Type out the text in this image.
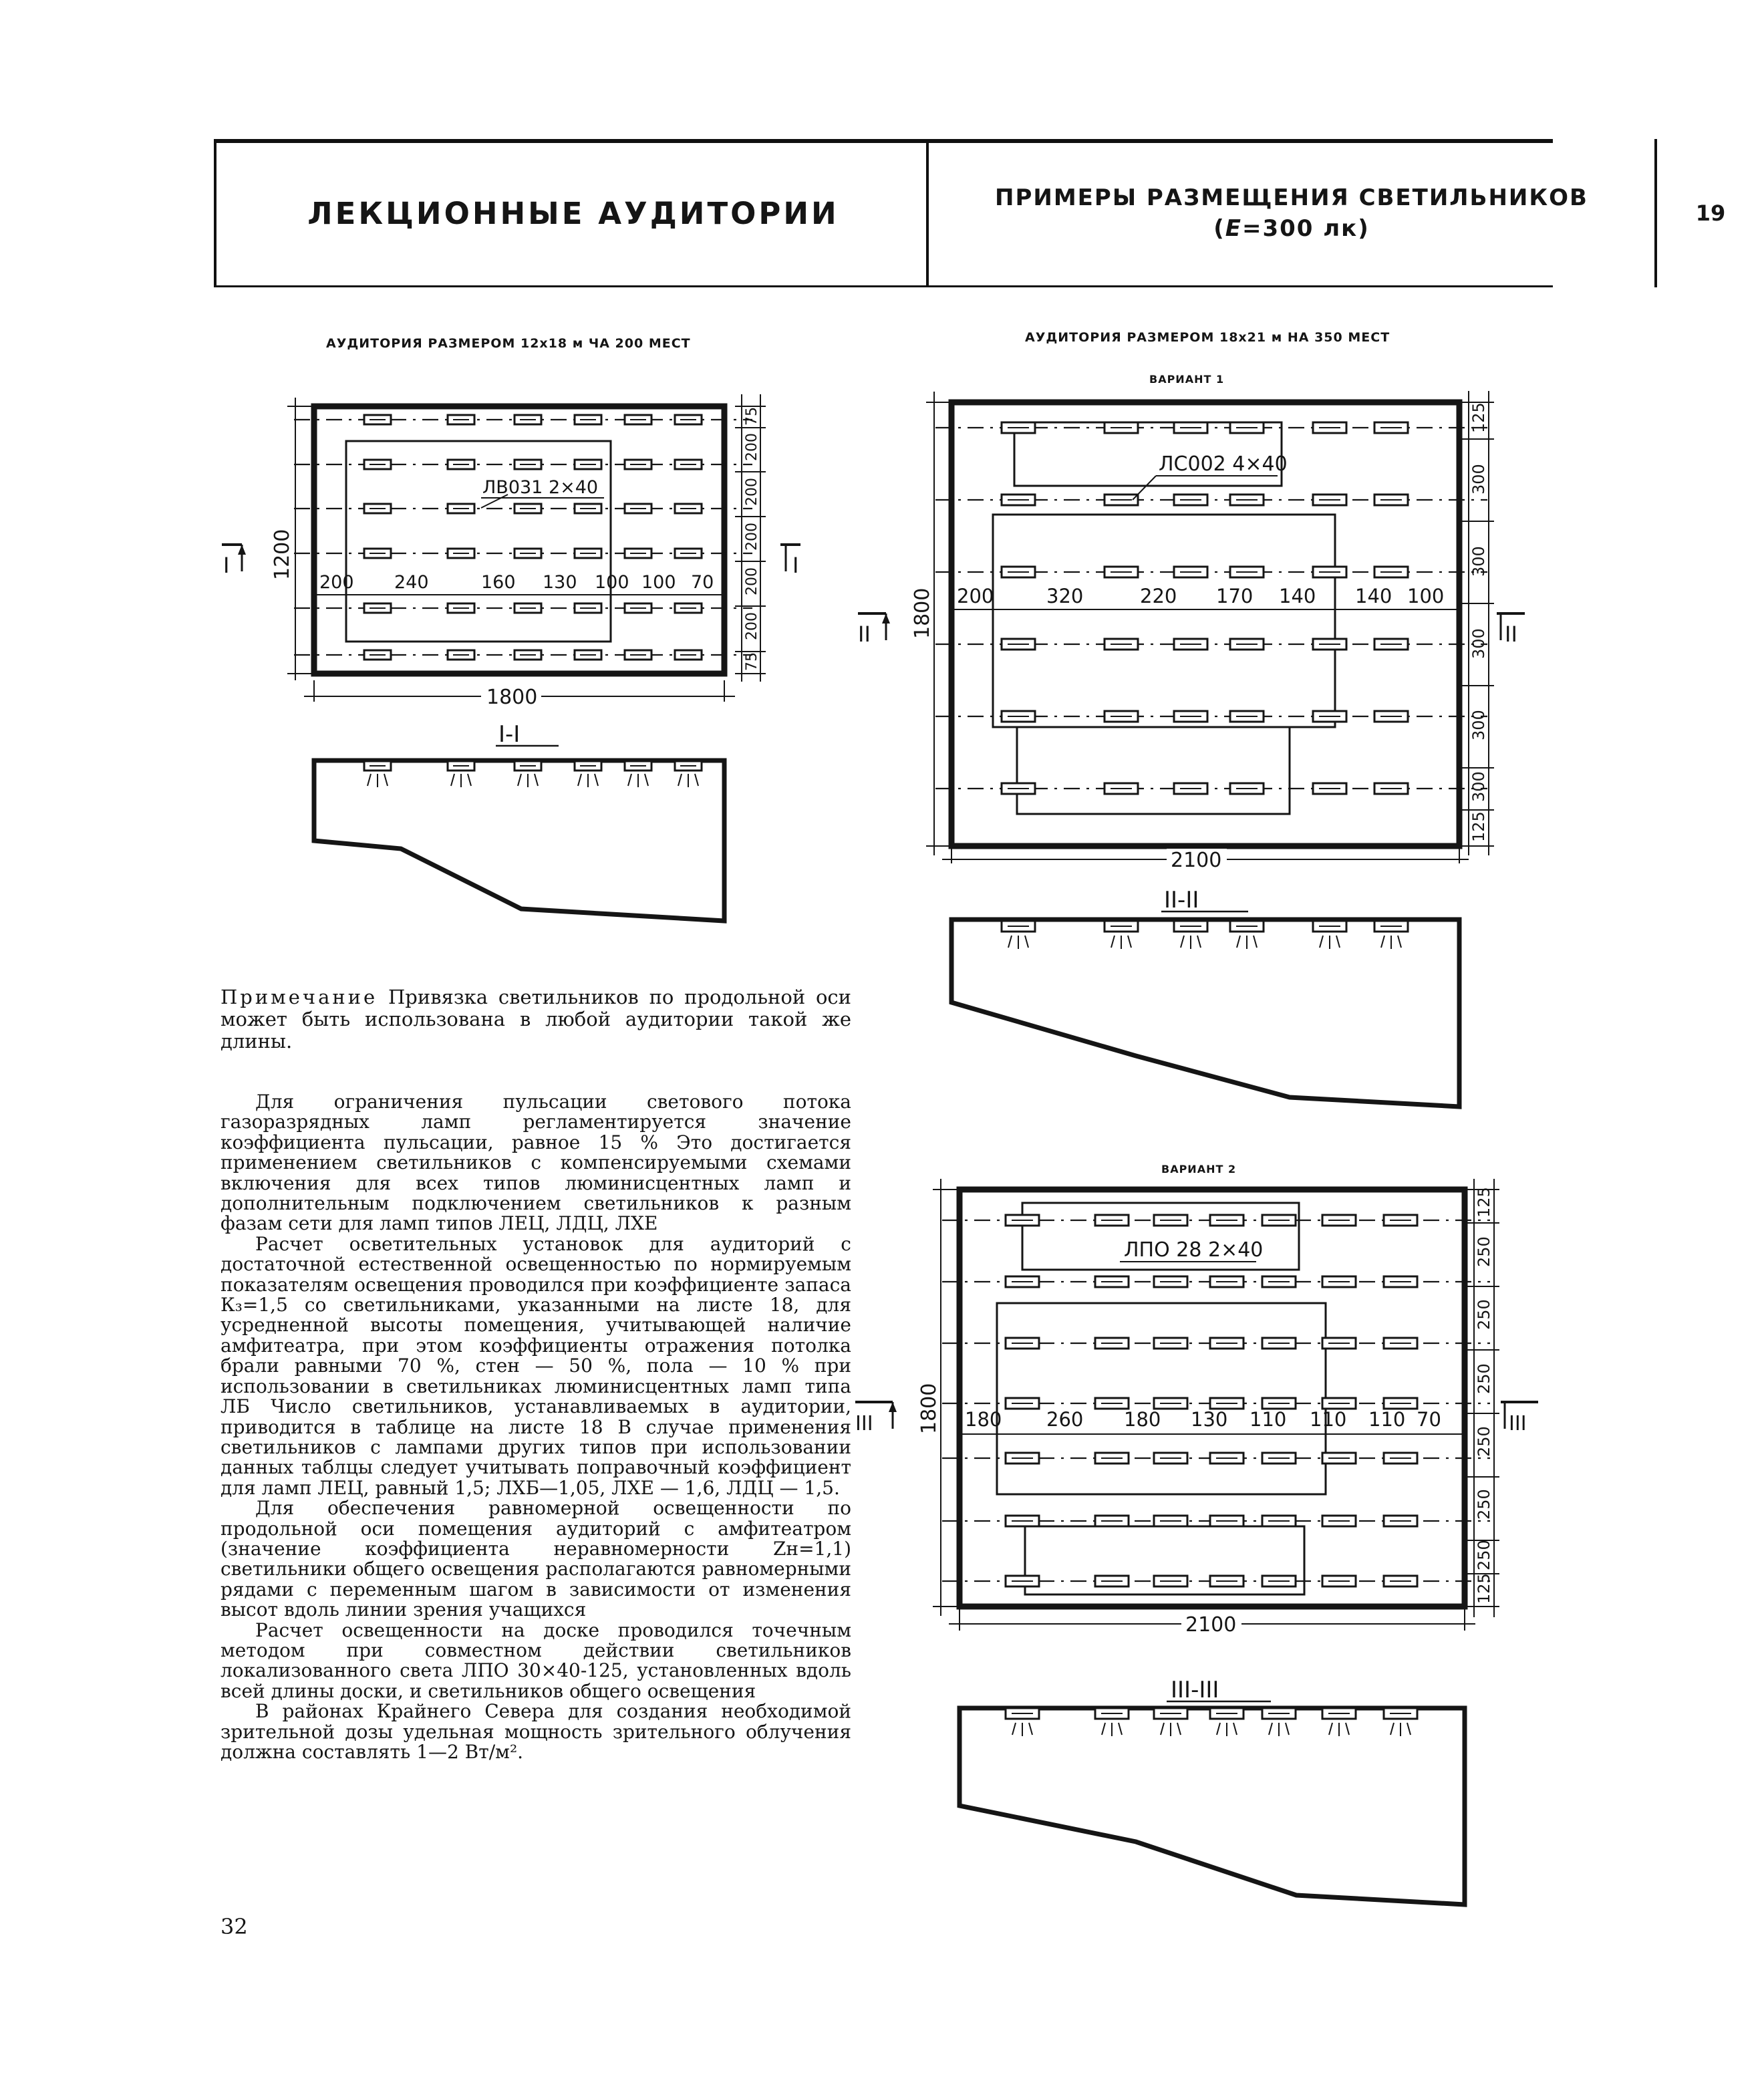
ЛЕКЦИОННЫЕ АУДИТОРИИ	ПРИМЕРЫ РАЗМЕЩЕНИЯ СВЕТИЛЬНИКОВ
(E=300 лк)
19
АУДИТОРИЯ РАЗМЕРОМ 12x18 м ЧА 200 МЕСТ	АУДИТОРИЯ РАЗМЕРОМ 18x21 м НА 350 МЕСТ
ВАРИАНТ 1
ВАРИАНТ 2
ЛВ031 2×40
200 240	160 130 100 100 70
75
200
200
200
200
200
75
1200
1800
I	I
I-I
ЛС002 4×40
200	320	220 170 140 140 100
125
300
300
300
300
300
125
1800
2100
II	II
II-II
ЛПО 28 2×40
180 260 180 130 110 110 110 70
125
250
250
250
250
250
250
125
1800
2100
III	III
III-III
Примечание Привязка светильников по продольной оси может быть использована в любой аудитории такой же длины.

Для ограничения пульсации светового потока газоразрядных ламп регламентируется значение коэффициента пульсации, равное 15 % Это достигается применением светильников с компенсируемыми схемами включения для всех типов люминисцентных ламп и дополнительным подключением светильников к разным фазам сети для ламп типов ЛЕЦ, ЛДЦ, ЛХЕ

Расчет осветительных установок для аудиторий с достаточной естественной освещенностью по нормируемым показателям освещения проводился при коэффициенте запаса К₃=1,5 со светильниками, указанными на листе 18, для усредненной высоты помещения, учитывающей наличие амфитеатра, при этом коэффициенты отражения потолка брали равными 70 %, стен — 50 %, пола — 10 % при использовании в светильниках люминисцентных ламп типа ЛБ Число светильников, устанавливаемых в аудитории, приводится в таблице на листе 18 В случае применения светильников с лампами других типов при использовании данных таблцы следует учитывать поправочный коэффициент для ламп ЛЕЦ, равный 1,5; ЛХБ—1,05, ЛХЕ — 1,6, ЛДЦ — 1,5.

Для обеспечения равномерной освещенности по продольной оси помещения аудиторий с амфитеатром (значение коэффициента неравномерности Zн=1,1) светильники общего освещения располагаются равномерными рядами с переменным шагом в зависимости от изменения высот вдоль линии зрения учащихся

Расчет освещенности на доске проводился точечным методом при совместном действии светильников локализованного света ЛПО 30×40-125, установленных вдоль всей длины доски, и светильников общего освещения

В районах Крайнего Севера для создания необходимой зрительной дозы удельная мощность зрительного облучения должна составлять 1—2 Вт/м².

32
